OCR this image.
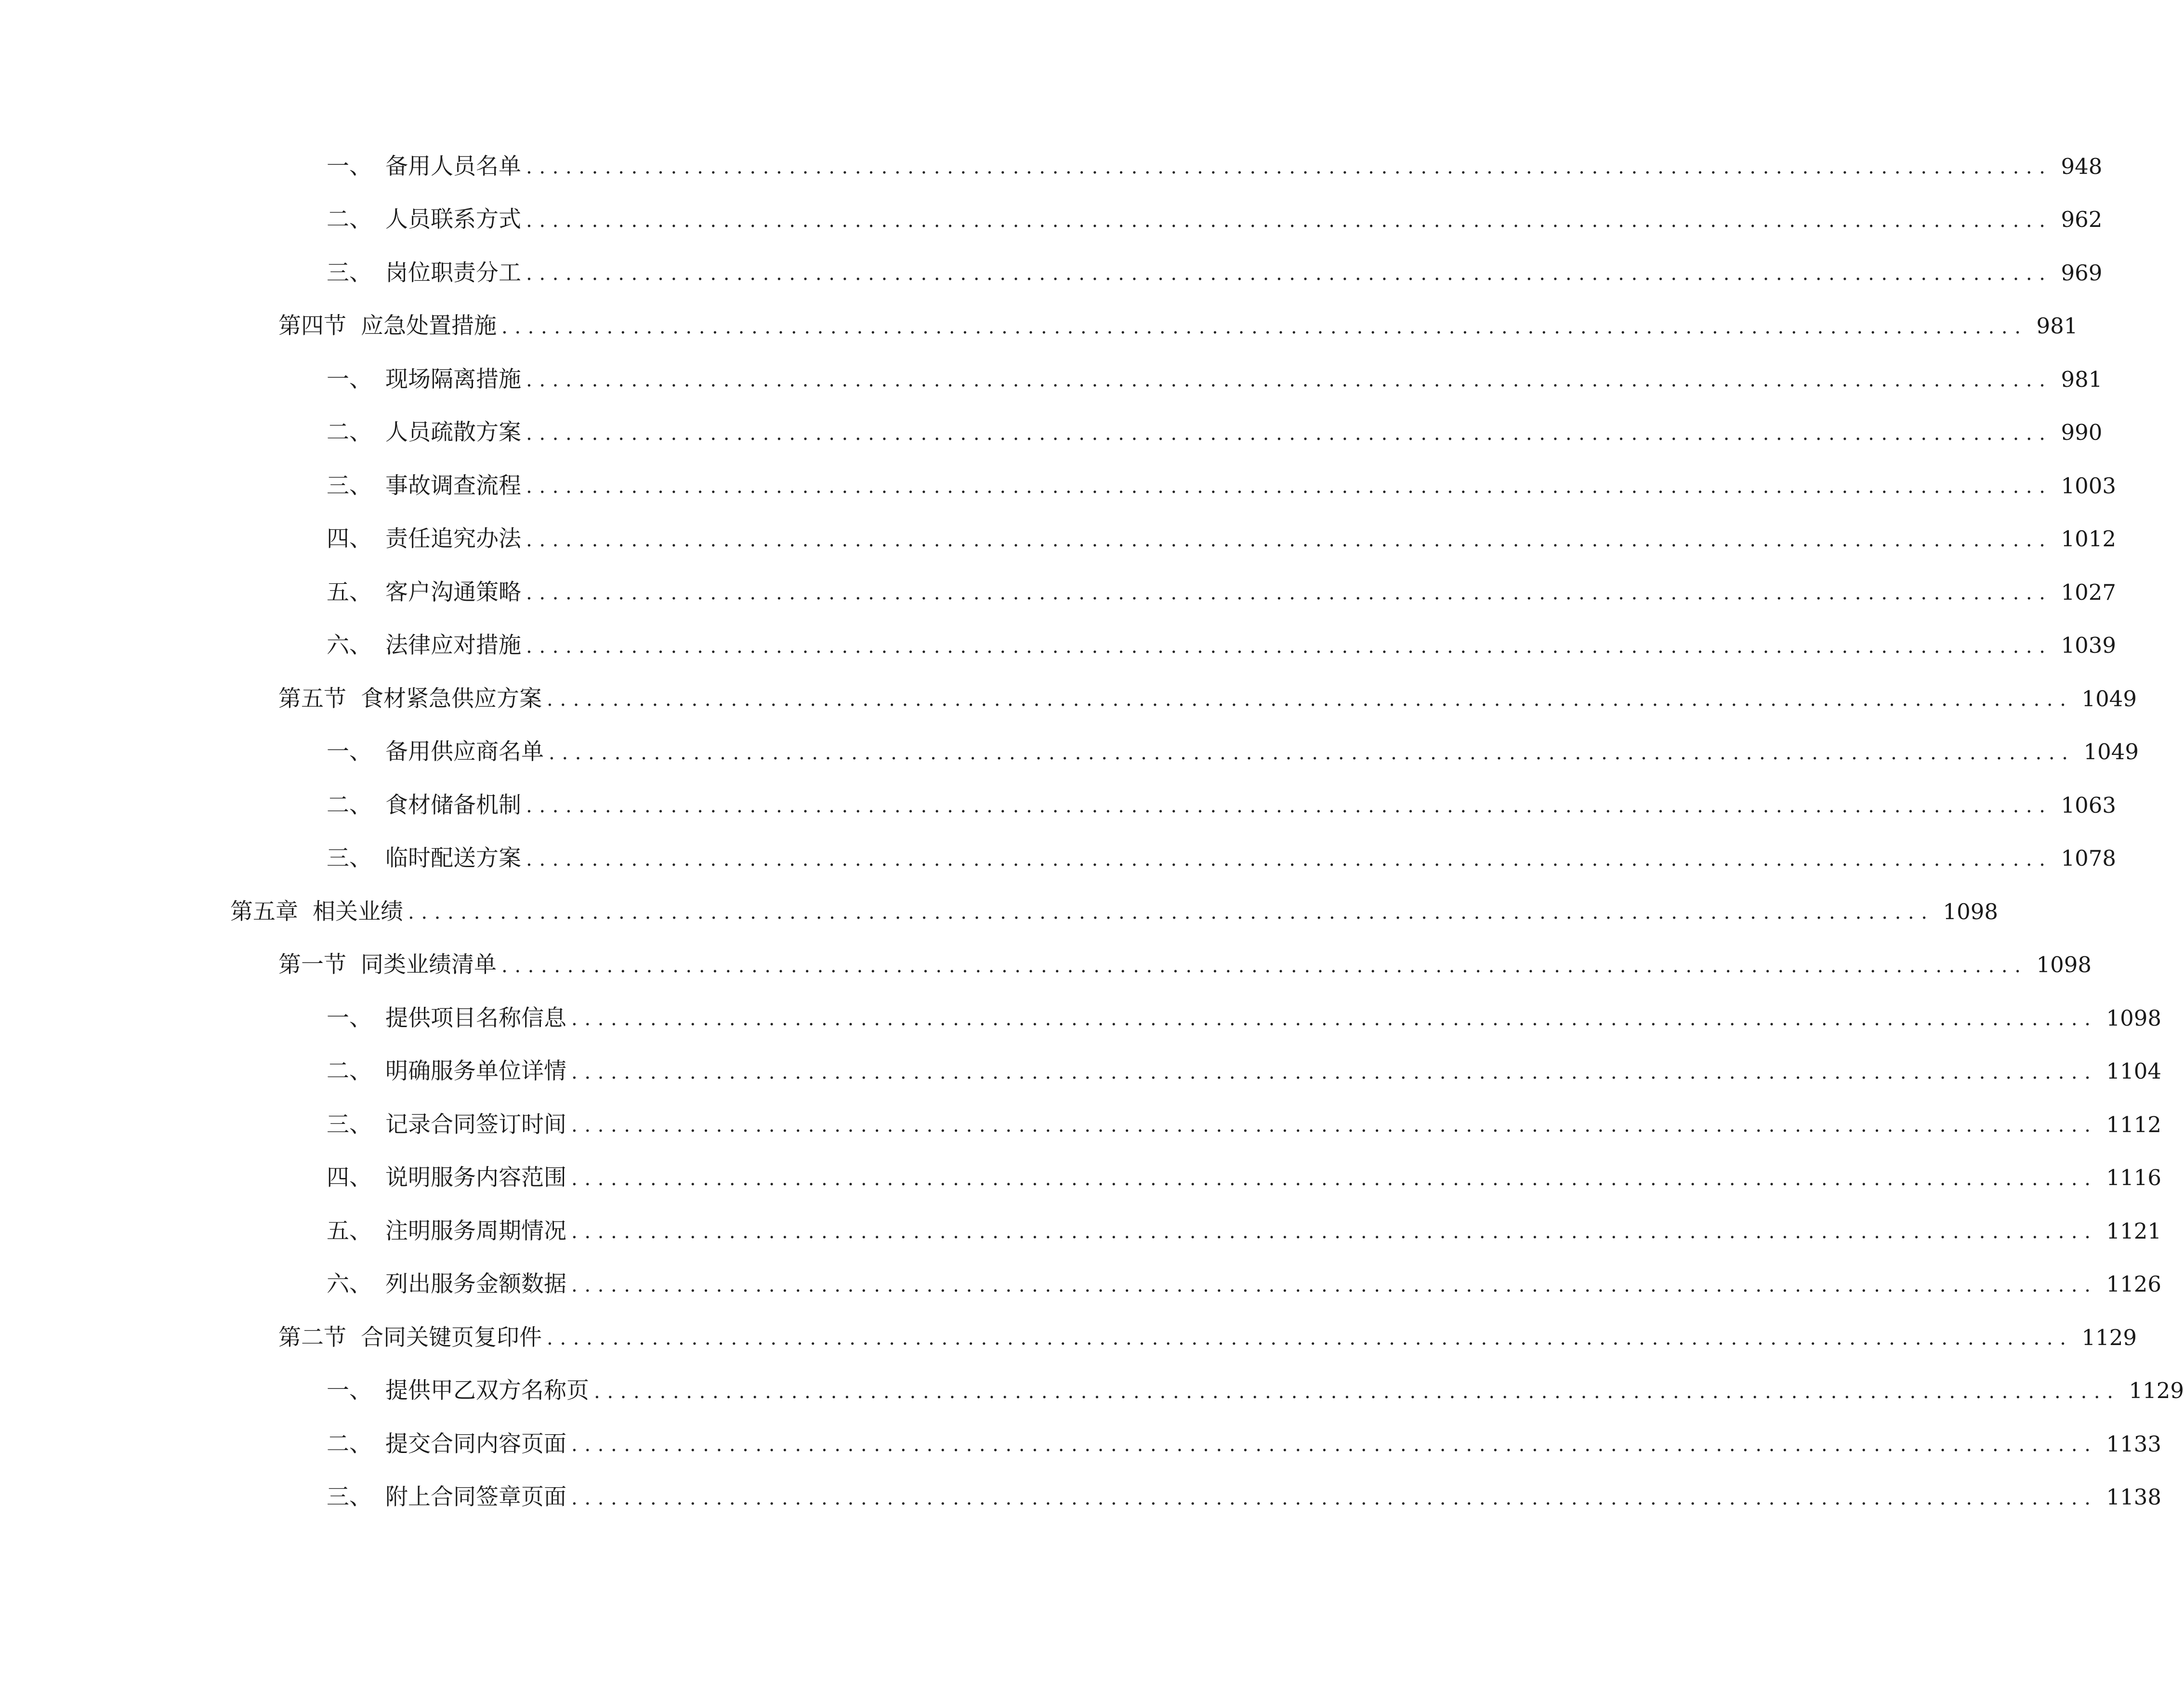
一、 备用人员名单 .................................................................................................................... 948
二、 人员联系方式 .................................................................................................................... 962
三、 岗位职责分工 .................................................................................................................... 969
第四节 应急处置措施 .................................................................................................................... 981
一、 现场隔离措施 .................................................................................................................... 981
二、 人员疏散方案 .................................................................................................................... 990
三、 事故调查流程 .................................................................................................................... 1003
四、 责任追究办法 .................................................................................................................... 1012
五、 客户沟通策略 .................................................................................................................... 1027
六、 法律应对措施 .................................................................................................................... 1039
第五节 食材紧急供应方案 .................................................................................................................... 1049
一、 备用供应商名单 .................................................................................................................... 1049
二、 食材储备机制 .................................................................................................................... 1063
三、 临时配送方案 .................................................................................................................... 1078
第五章 相关业绩 .................................................................................................................... 1098
第一节 同类业绩清单 .................................................................................................................... 1098
一、 提供项目名称信息 .................................................................................................................... 1098
二、 明确服务单位详情 .................................................................................................................... 1104
三、 记录合同签订时间 .................................................................................................................... 1112
四、 说明服务内容范围 .................................................................................................................... 1116
五、 注明服务周期情况 .................................................................................................................... 1121
六、 列出服务金额数据 .................................................................................................................... 1126
第二节 合同关键页复印件 .................................................................................................................... 1129
一、 提供甲乙双方名称页 .................................................................................................................... 1129
二、 提交合同内容页面 .................................................................................................................... 1133
三、 附上合同签章页面 .................................................................................................................... 1138
